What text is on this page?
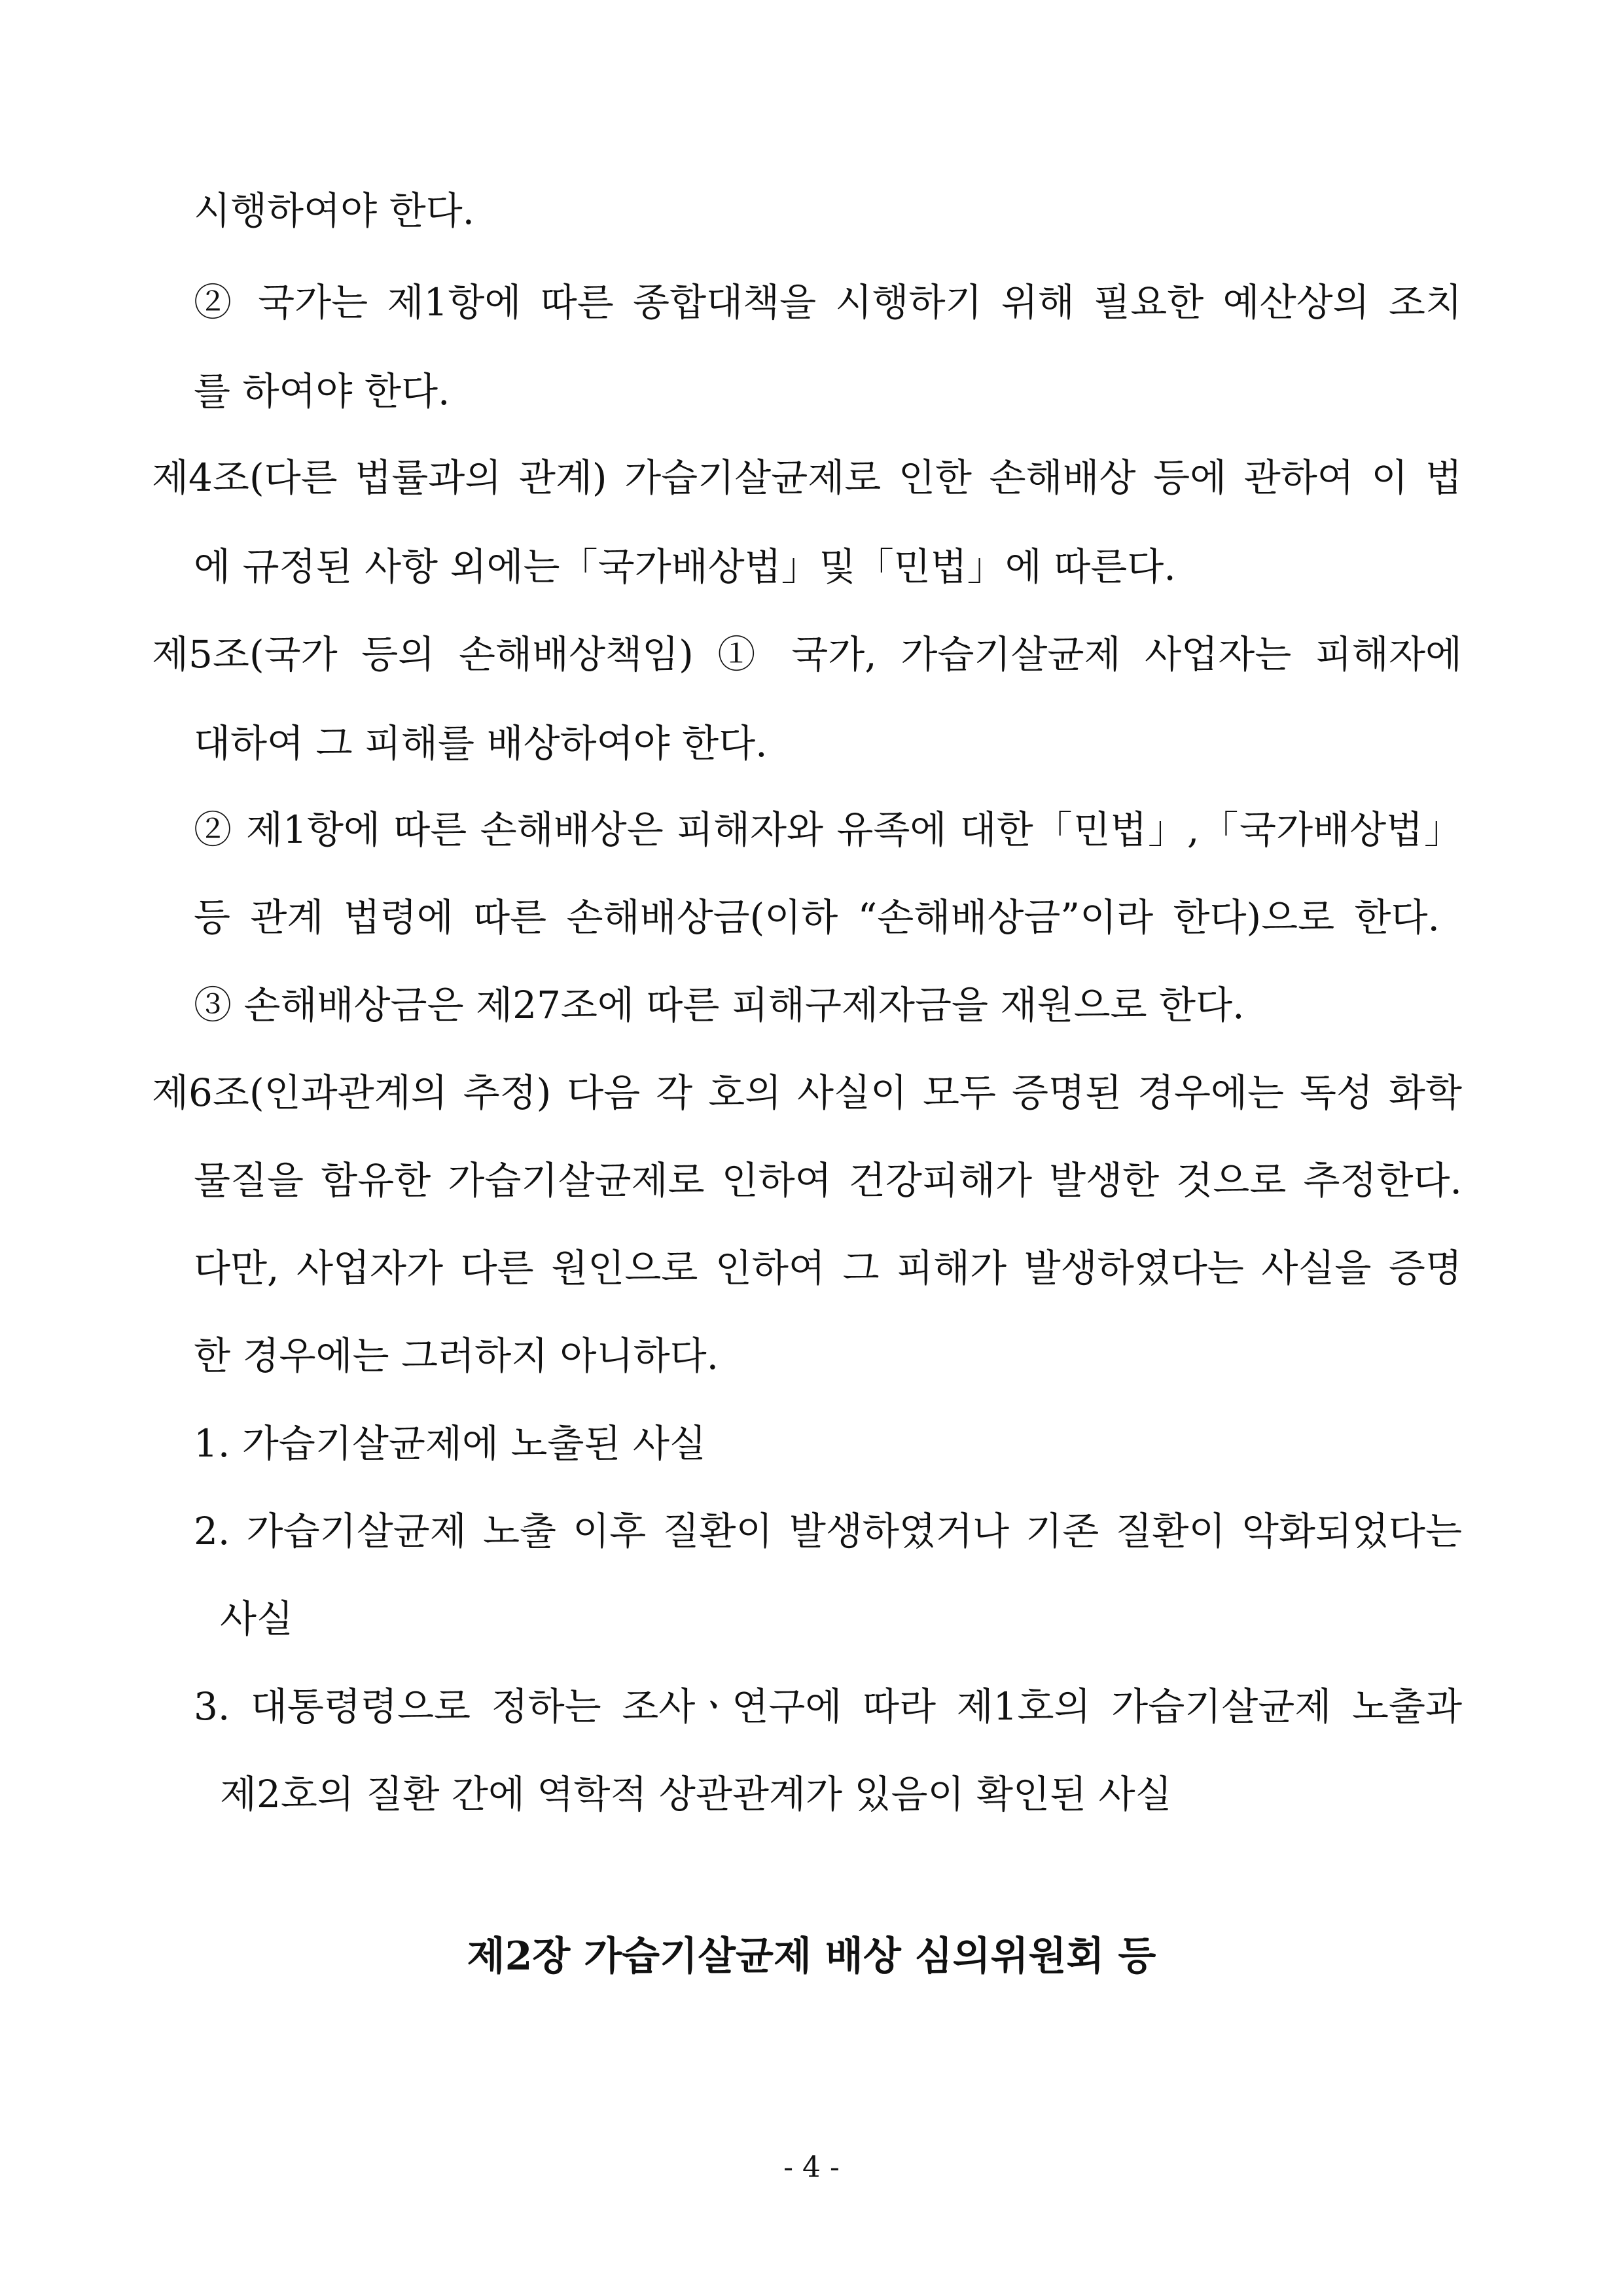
시행하여야 한다.
② 국가는 제1항에 따른 종합대책을 시행하기 위해 필요한 예산상의 조치
를 하여야 한다.
제4조(다른 법률과의 관계) 가습기살균제로 인한 손해배상 등에 관하여 이 법
에 규정된 사항 외에는「국가배상법」및「민법」에 따른다.
제5조(국가 등의 손해배상책임) ① 국가, 가습기살균제 사업자는 피해자에
대하여 그 피해를 배상하여야 한다.
② 제1항에 따른 손해배상은 피해자와 유족에 대한「민법」,「국가배상법」
등 관계 법령에 따른 손해배상금(이하 “손해배상금”이라 한다)으로 한다.
③ 손해배상금은 제27조에 따른 피해구제자금을 재원으로 한다.
제6조(인과관계의 추정) 다음 각 호의 사실이 모두 증명된 경우에는 독성 화학
물질을 함유한 가습기살균제로 인하여 건강피해가 발생한 것으로 추정한다.
다만, 사업자가 다른 원인으로 인하여 그 피해가 발생하였다는 사실을 증명
한 경우에는 그러하지 아니하다.
1. 가습기살균제에 노출된 사실
2. 가습기살균제 노출 이후 질환이 발생하였거나 기존 질환이 악화되었다는
사실
3. 대통령령으로 정하는 조사ㆍ연구에 따라 제1호의 가습기살균제 노출과
제2호의 질환 간에 역학적 상관관계가 있음이 확인된 사실
제2장 가습기살균제 배상 심의위원회 등
- 4 -
